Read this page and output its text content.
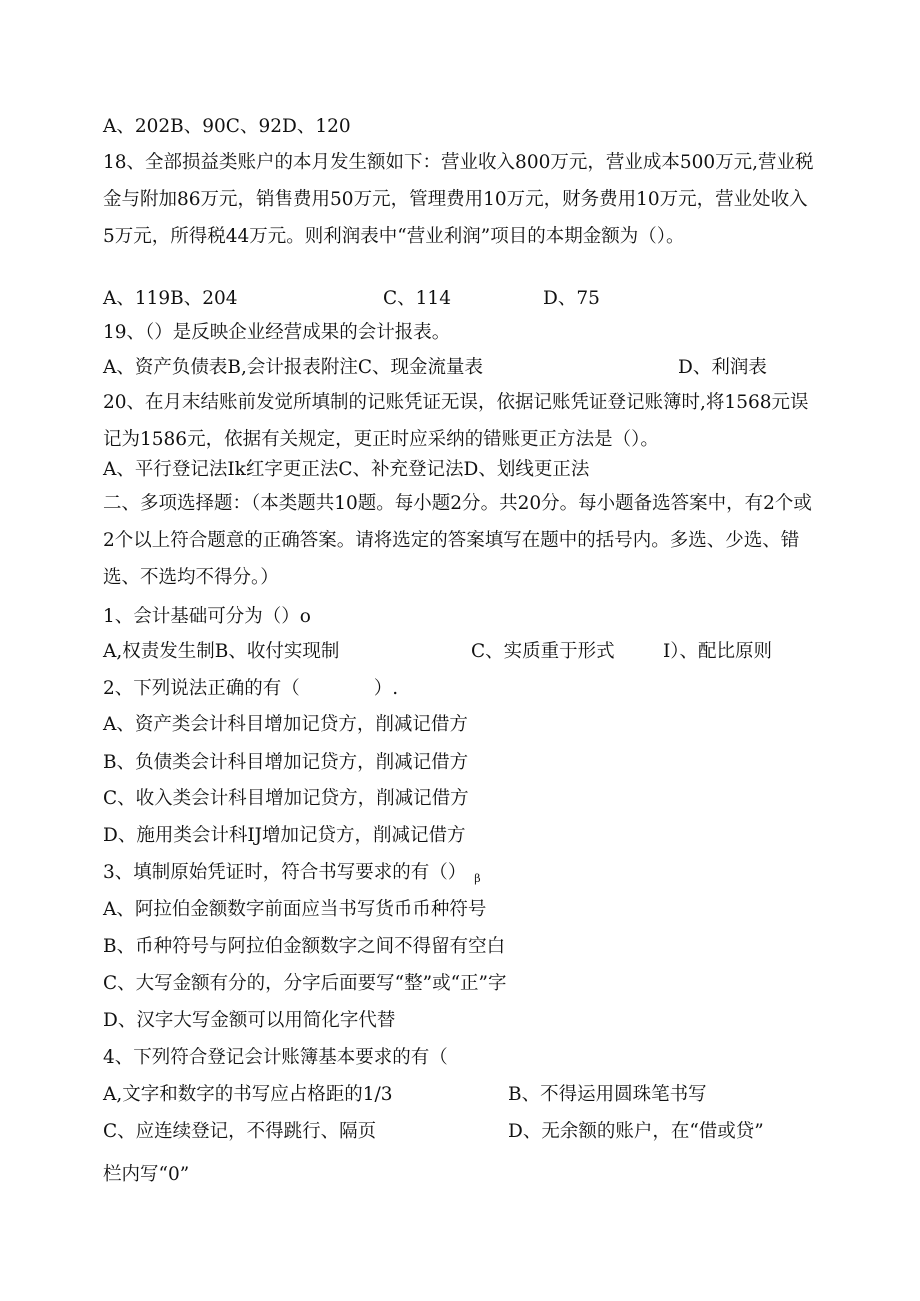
A、202B、90C、92D、120
18、全部损益类账户的本月发生额如下：营业收入800万元，营业成本500万元,营业税金与附加86万元，销售费用50万元，管理费用10万元，财务费用10万元，营业处收入5万元，所得税44万元。则利润表中“营业利润”项目的本期金额为（）。
A、119B、204	C、114	D、75
19、（）是反映企业经营成果的会计报表。
A、资产负债表B,会计报表附注C、现金流量表	D、利润表
20、在月末结账前发觉所填制的记账凭证无误，依据记账凭证登记账簿时,将1568元误记为1586元，依据有关规定，更正时应采纳的错账更正方法是（）。
A、平行登记法Ik红字更正法C、补充登记法D、划线更正法
二、多项选择题：（本类题共10题。每小题2分。共20分。每小题备选答案中，有2个或2个以上符合题意的正确答案。请将选定的答案填写在题中的括号内。多选、少选、错选、不选均不得分。）
1、会计基础可分为（）o
A,权责发生制B、收付实现制	C、实质重于形式	I）、配比原则
2、下列说法正确的有（　　　　）.
A、资产类会计科目增加记贷方，削减记借方
B、负债类会计科目增加记贷方，削减记借方
C、收入类会计科目增加记贷方，削减记借方
D、施用类会计科IJ增加记贷方，削减记借方
3、填制原始凭证时，符合书写要求的有（） $_\beta$
A、阿拉伯金额数字前面应当书写货币币种符号
B、币种符号与阿拉伯金额数字之间不得留有空白
C、大写金额有分的，分字后面要写“整”或“正”字
D、汉字大写金额可以用简化字代替
4、下列符合登记会计账簿基本要求的有（
A,文字和数字的书写应占格距的1/3	B、不得运用圆珠笔书写
C、应连续登记，不得跳行、隔页	D、无余额的账户，在“借或贷”
栏内写“0”
